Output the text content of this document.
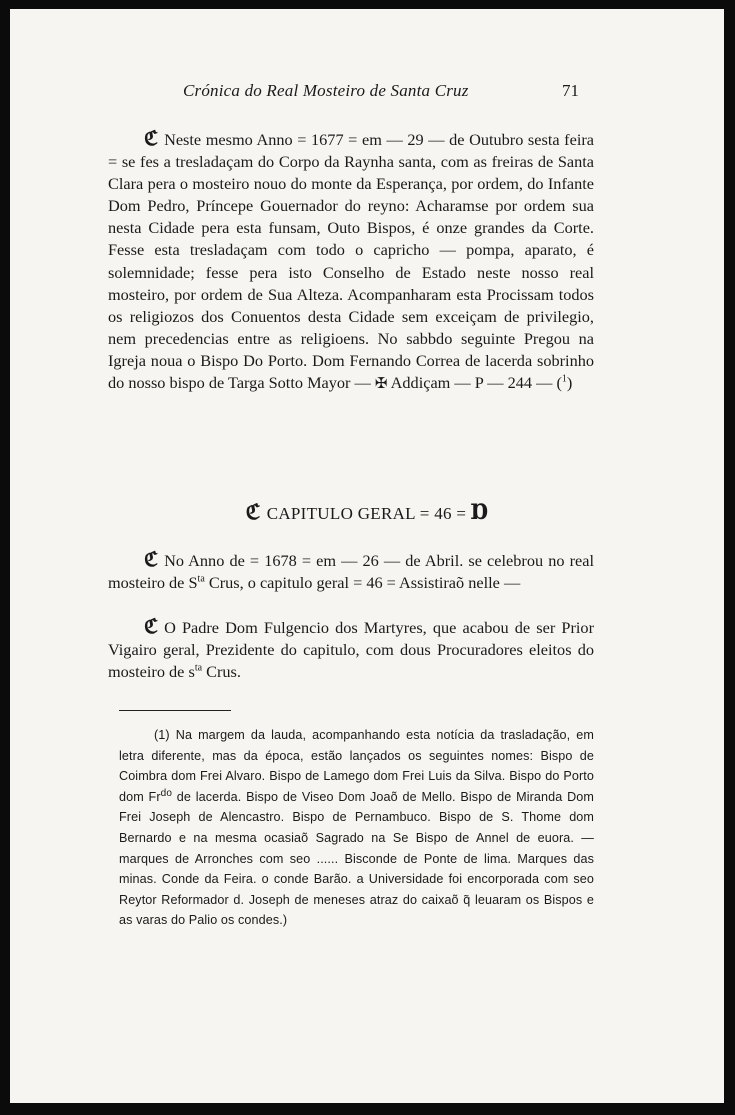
Crónica do Real Mosteiro de Santa Cruz	71

ℭ Neste mesmo Anno = 1677 = em — 29 — de Outubro sesta feira = se fes a tresladaçam do Corpo da Raynha santa, com as freiras de Santa Clara pera o mosteiro nouo do monte da Esperança, por ordem, do Infante Dom Pedro, Príncepe Gouernador do reyno: Acharamse por ordem sua nesta Cidade pera esta funsam, Outo Bispos, é onze grandes da Corte. Fesse esta tresladaçam com todo o capricho — pompa, aparato, é solemnidade; fesse pera isto Conselho de Estado neste nosso real mosteiro, por ordem de Sua Alteza. Acompanharam esta Procissam todos os religiozos dos Conuentos desta Cidade sem exceiçam de privilegio, nem precedencias entre as religioens. No sabbdo seguinte Pregou na Igreja noua o Bispo Do Porto. Dom Fernando Correa de lacerda sobrinho do nosso bispo de Targa Sotto Mayor — ✠ Addiçam — P — 244 — ($^1$)

ℭ CAPITULO GERAL = 46 = Ɒ

ℭ No Anno de = 1678 = em — 26 — de Abril. se celebrou no real mosteiro de $S^{ta}$ Crus, o capitulo geral = 46 = Assistiraõ nelle —

ℭ O Padre Dom Fulgencio dos Martyres, que acabou de ser Prior Vigairo geral, Prezidente do capitulo, com dous Procuradores eleitos do mosteiro de $s^{ta}$ Crus.

(1) Na margem da lauda, acompanhando esta notícia da trasladação, em letra diferente, mas da época, estão lançados os seguintes nomes: Bispo de Coimbra dom Frei Alvaro. Bispo de Lamego dom Frei Luis da Silva. Bispo do Porto dom $Fr^{do}$ de lacerda. Bispo de Viseo Dom Joaõ de Mello. Bispo de Miranda Dom Frei Joseph de Alencastro. Bispo de Pernambuco. Bispo de S. Thome dom Bernardo e na mesma ocasiaõ Sagrado na Se Bispo de Annel de euora. — marques de Arronches com seo ...... Bisconde de Ponte de lima. Marques das minas. Conde da Feira. o conde Barão. a Universidade foi encorporada com seo Reytor Reformador d. Joseph de meneses atraz do caixaõ q̃ leuaram os Bispos e as varas do Palio os condes.)
